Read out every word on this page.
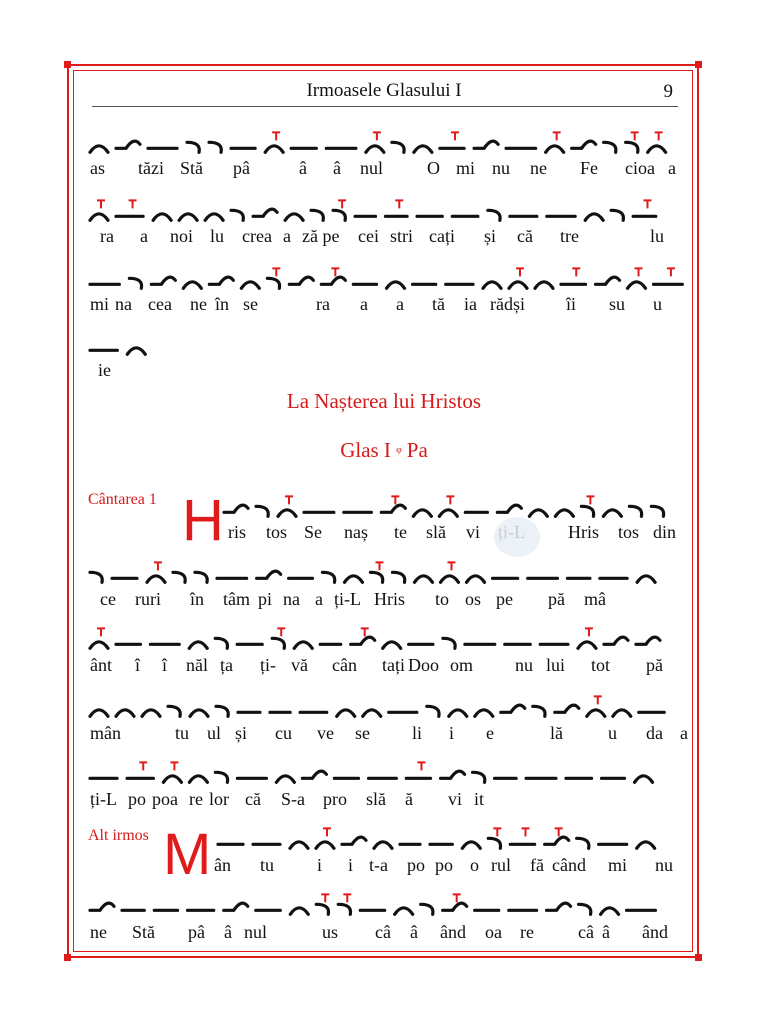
Irmoasele Glasului I	9
as tăzi Stă pâ	â â nul O mi nu ne Fe cioa a
ra a noi lu crea a ză pe cei stri cați și că tre	lu
mi na cea ne în se	ra a a tă ia rădși îi su u
ie
La Nașterea lui Hristos
Glas I $^ᵩ$ Pa
Cântarea 1 H ris tos Se naș te slă vi	Hris tos din
ce ruri în tâm pi na a ți-L Hris to os pe pă mâ
ânt î î năl ța ți- vă cân tați Do o om nu lui tot pă
mân	tu ul și cu ve se li i e	lă	u da a
ți-L po poa re lor că S-a pro slă ă vi it
Alt irmos M ân tu i i t-a po po o rul fă când mi nu
ne Stă pâ â nul	us câ â ând oa re câ â ând
